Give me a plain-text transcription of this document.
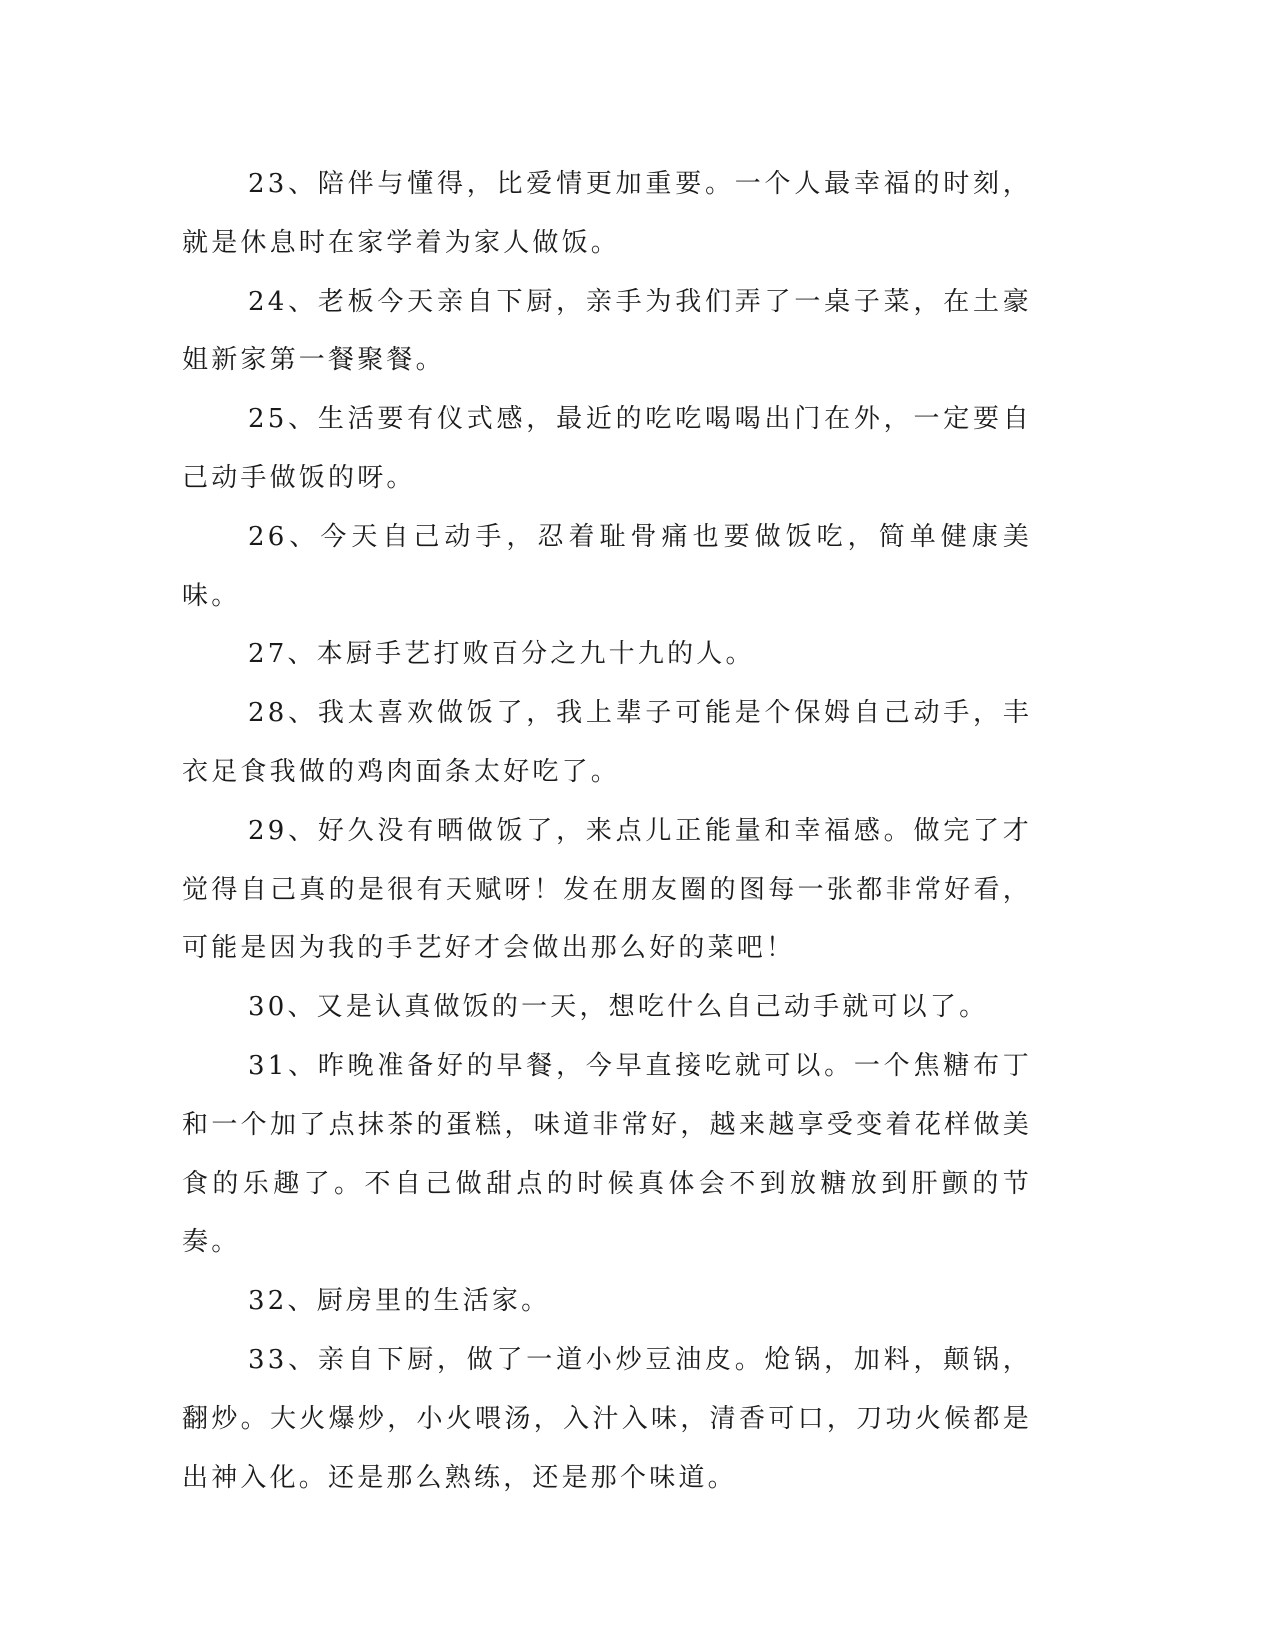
23、陪伴与懂得，比爱情更加重要。一个人最幸福的时刻，就是休息时在家学着为家人做饭。

24、老板今天亲自下厨，亲手为我们弄了一桌子菜，在土豪姐新家第一餐聚餐。

25、生活要有仪式感，最近的吃吃喝喝出门在外，一定要自己动手做饭的呀。

26、今天自己动手，忍着耻骨痛也要做饭吃，简单健康美味。

27、本厨手艺打败百分之九十九的人。

28、我太喜欢做饭了，我上辈子可能是个保姆自己动手，丰衣足食我做的鸡肉面条太好吃了。

29、好久没有晒做饭了，来点儿正能量和幸福感。做完了才觉得自己真的是很有天赋呀！发在朋友圈的图每一张都非常好看，可能是因为我的手艺好才会做出那么好的菜吧！

30、又是认真做饭的一天，想吃什么自己动手就可以了。

31、昨晚准备好的早餐，今早直接吃就可以。一个焦糖布丁和一个加了点抹茶的蛋糕，味道非常好，越来越享受变着花样做美食的乐趣了。不自己做甜点的时候真体会不到放糖放到肝颤的节奏。

32、厨房里的生活家。

33、亲自下厨，做了一道小炒豆油皮。炝锅，加料，颠锅，翻炒。大火爆炒，小火喂汤，入汁入味，清香可口，刀功火候都是出神入化。还是那么熟练，还是那个味道。
